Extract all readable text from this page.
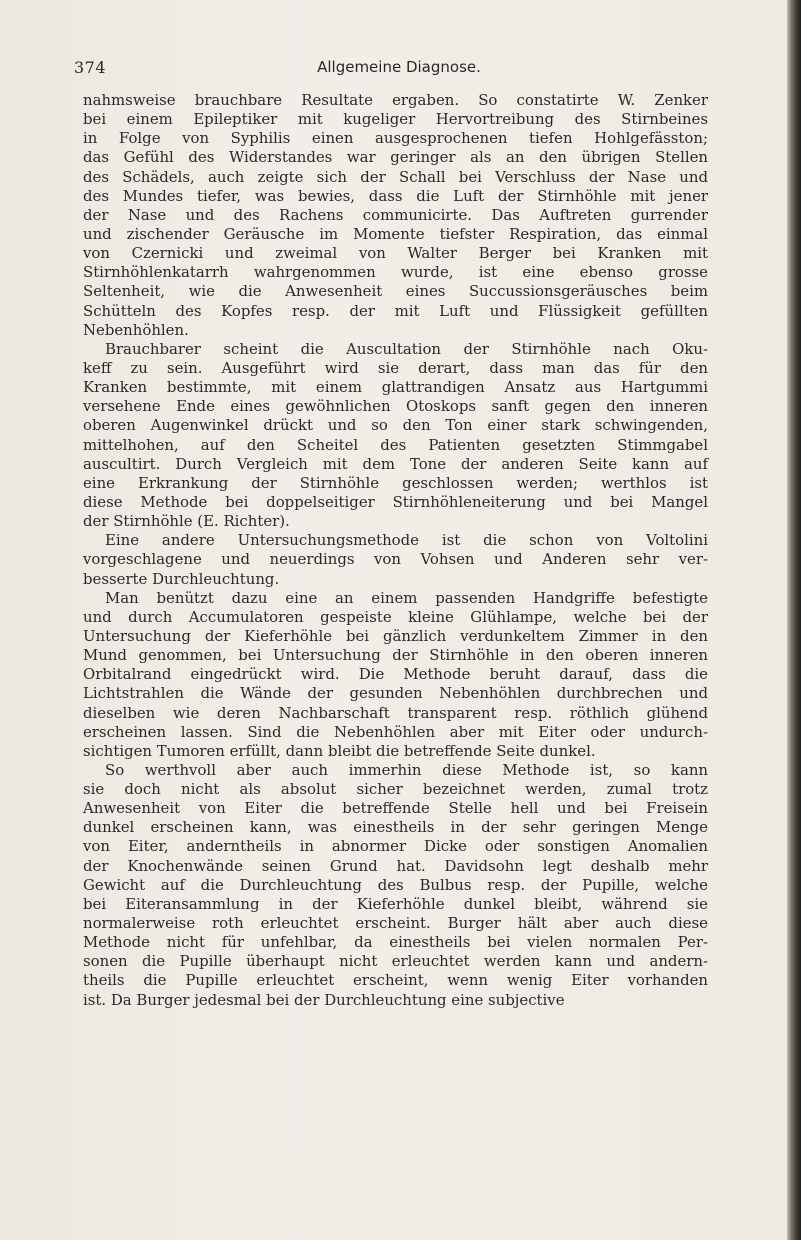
374	Allgemeine Diagnose.
nahmsweise brauchbare Resultate ergaben. So constatirte W. Zenker
bei einem Epileptiker mit kugeliger Hervortreibung des Stirnbeines
in Folge von Syphilis einen ausgesprochenen tiefen Hohlgefässton;
das Gefühl des Widerstandes war geringer als an den übrigen Stellen
des Schädels, auch zeigte sich der Schall bei Verschluss der Nase und
des Mundes tiefer, was bewies, dass die Luft der Stirnhöhle mit jener
der Nase und des Rachens communicirte. Das Auftreten gurrender
und zischender Geräusche im Momente tiefster Respiration, das einmal
von Czernicki und zweimal von Walter Berger bei Kranken mit
Stirnhöhlenkatarrh wahrgenommen wurde, ist eine ebenso grosse
Seltenheit, wie die Anwesenheit eines Succussionsgeräusches beim
Schütteln des Kopfes resp. der mit Luft und Flüssigkeit gefüllten
Nebenhöhlen.
Brauchbarer scheint die Auscultation der Stirnhöhle nach Oku-
keff zu sein. Ausgeführt wird sie derart, dass man das für den
Kranken bestimmte, mit einem glattrandigen Ansatz aus Hartgummi
versehene Ende eines gewöhnlichen Otoskops sanft gegen den inneren
oberen Augenwinkel drückt und so den Ton einer stark schwingenden,
mittelhohen, auf den Scheitel des Patienten gesetzten Stimmgabel
auscultirt. Durch Vergleich mit dem Tone der anderen Seite kann auf
eine Erkrankung der Stirnhöhle geschlossen werden; werthlos ist
diese Methode bei doppelseitiger Stirnhöhleneiterung und bei Mangel
der Stirnhöhle (E. Richter).
Eine andere Untersuchungsmethode ist die schon von Voltolini
vorgeschlagene und neuerdings von Vohsen und Anderen sehr ver-
besserte Durchleuchtung.
Man benützt dazu eine an einem passenden Handgriffe befestigte
und durch Accumulatoren gespeiste kleine Glühlampe, welche bei der
Untersuchung der Kieferhöhle bei gänzlich verdunkeltem Zimmer in den
Mund genommen, bei Untersuchung der Stirnhöhle in den oberen inneren
Orbitalrand eingedrückt wird. Die Methode beruht darauf, dass die
Lichtstrahlen die Wände der gesunden Nebenhöhlen durchbrechen und
dieselben wie deren Nachbarschaft transparent resp. röthlich glühend
erscheinen lassen. Sind die Nebenhöhlen aber mit Eiter oder undurch-
sichtigen Tumoren erfüllt, dann bleibt die betreffende Seite dunkel.
So werthvoll aber auch immerhin diese Methode ist, so kann
sie doch nicht als absolut sicher bezeichnet werden, zumal trotz
Anwesenheit von Eiter die betreffende Stelle hell und bei Freisein
dunkel erscheinen kann, was einestheils in der sehr geringen Menge
von Eiter, anderntheils in abnormer Dicke oder sonstigen Anomalien
der Knochenwände seinen Grund hat. Davidsohn legt deshalb mehr
Gewicht auf die Durchleuchtung des Bulbus resp. der Pupille, welche
bei Eiteransammlung in der Kieferhöhle dunkel bleibt, während sie
normalerweise roth erleuchtet erscheint. Burger hält aber auch diese
Methode nicht für unfehlbar, da einestheils bei vielen normalen Per-
sonen die Pupille überhaupt nicht erleuchtet werden kann und andern-
theils die Pupille erleuchtet erscheint, wenn wenig Eiter vorhanden
ist. Da Burger jedesmal bei der Durchleuchtung eine subjective
